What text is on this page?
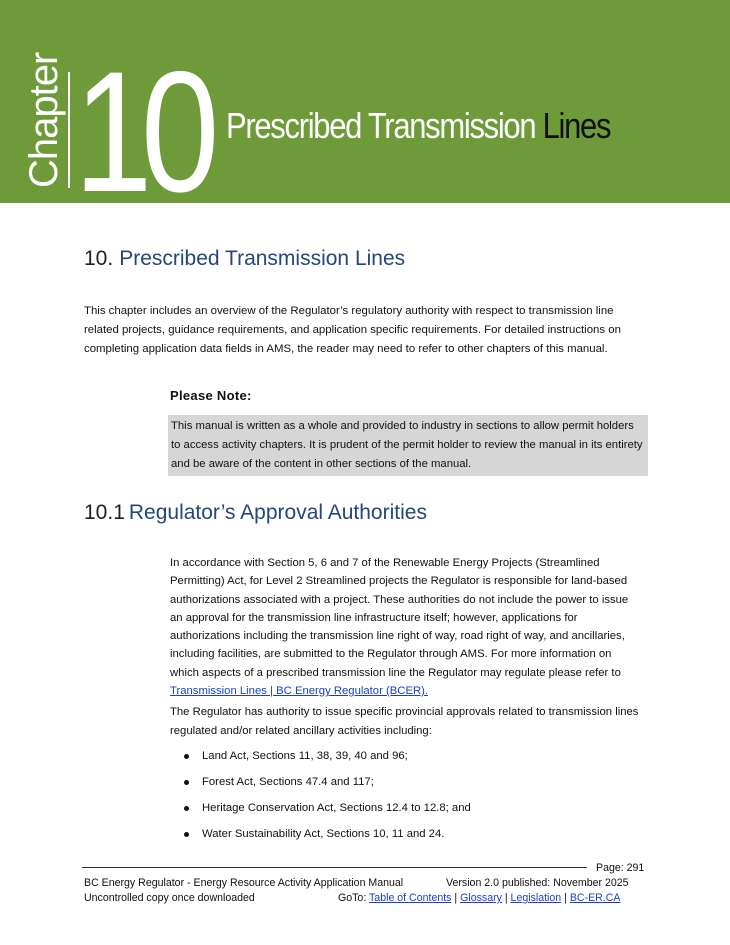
Chapter 10 Prescribed Transmission Lines
10. Prescribed Transmission Lines

This chapter includes an overview of the Regulator’s regulatory authority with respect to transmission line related projects, guidance requirements, and application specific requirements. For detailed instructions on completing application data fields in AMS, the reader may need to refer to other chapters of this manual.

Please Note:

This manual is written as a whole and provided to industry in sections to allow permit holders to access activity chapters. It is prudent of the permit holder to review the manual in its entirety and be aware of the content in other sections of the manual.

10.1 Regulator’s Approval Authorities

In accordance with Section 5, 6 and 7 of the Renewable Energy Projects (Streamlined Permitting) Act, for Level 2 Streamlined projects the Regulator is responsible for land-based authorizations associated with a project. These authorities do not include the power to issue an approval for the transmission line infrastructure itself; however, applications for authorizations including the transmission line right of way, road right of way, and ancillaries, including facilities, are submitted to the Regulator through AMS. For more information on which aspects of a prescribed transmission line the Regulator may regulate please refer to Transmission Lines | BC Energy Regulator (BCER).

The Regulator has authority to issue specific provincial approvals related to transmission lines regulated and/or related ancillary activities including:

Land Act, Sections 11, 38, 39, 40 and 96;
Forest Act, Sections 47.4 and 117;
Heritage Conservation Act, Sections 12.4 to 12.8; and
Water Sustainability Act, Sections 10, 11 and 24.
Page: 291
BC Energy Regulator - Energy Resource Activity Application Manual	Version 2.0 published: November 2025
Uncontrolled copy once downloaded	GoTo: Table of Contents | Glossary | Legislation | BC-ER.CA
